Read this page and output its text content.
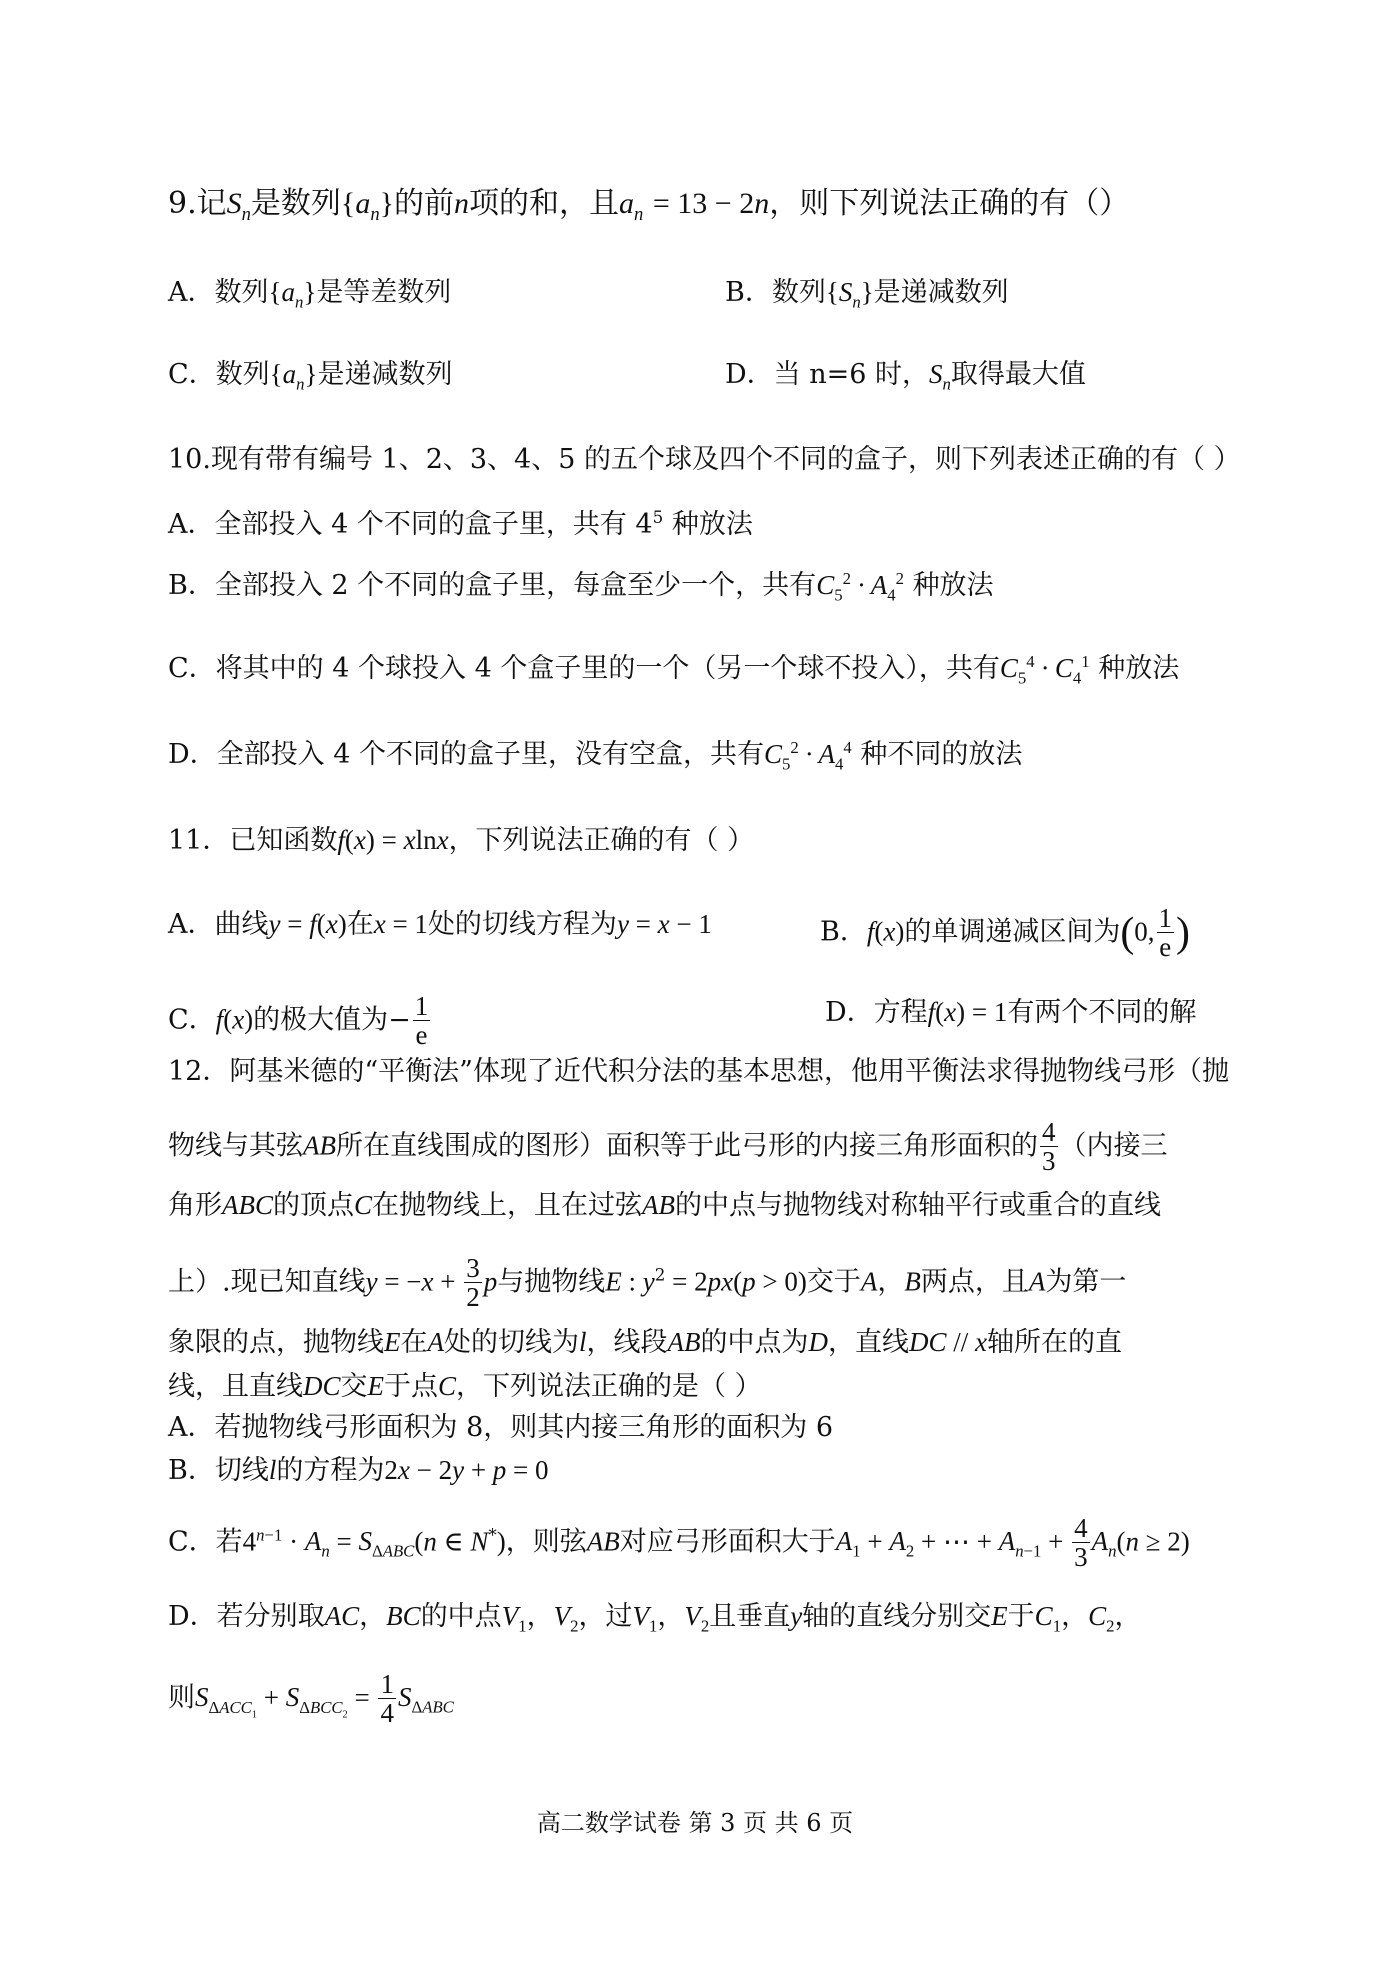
9.记$S_n$是数列$\{a_n\}$的前n项的和，且$a_n = 13 - 2n$，则下列说法正确的有（）
A．数列$\{a_n\}$是等差数列	B．数列$\{S_n\}$是递减数列
C．数列$\{a_n\}$是递减数列	D．当 n=6 时，$S_n$取得最大值
10.现有带有编号 1、2、3、4、5 的五个球及四个不同的盒子，则下列表述正确的有（ ）
A．全部投入 4 个不同的盒子里，共有 $4^5$ 种放法
B．全部投入 2 个不同的盒子里，每盒至少一个，共有$C_5^2 \cdot A_4^2$ 种放法
C．将其中的 4 个球投入 4 个盒子里的一个（另一个球不投入），共有$C_5^4 \cdot C_4^1$ 种放法
D．全部投入 4 个不同的盒子里，没有空盒，共有$C_5^2 \cdot A_4^4$ 种不同的放法
11．已知函数f(x) = xlnx，下列说法正确的有（ ）
A．曲线y = f(x)在x = 1处的切线方程为y = x − 1	B．f(x)的单调递减区间为(0, $\frac{1}{e}$ )
C．f(x)的极大值为− $\frac{1}{e}$	D．方程f(x) = 1有两个不同的解
12．阿基米德的“平衡法”体现了近代积分法的基本思想，他用平衡法求得抛物线弓形（抛
物线与其弦AB所在直线围成的图形）面积等于此弓形的内接三角形面积的 $\frac{4}{3}$ （内接三
角形ABC的顶点C在抛物线上，且在过弦AB的中点与抛物线对称轴平行或重合的直线
上）.现已知直线$y = -x + \frac{3}{2}$ p与抛物线E : $y^2 = 2px(p > 0)$交于A，B两点，且A为第一
象限的点，抛物线E在A处的切线为l，线段AB的中点为D，直线DC // x轴所在的直
线，且直线DC交E于点C，下列说法正确的是（ ）
A．若抛物线弓形面积为 8，则其内接三角形的面积为 6
B．切线l的方程为2x − 2y + p = 0
C．若$4^{n-1} \cdot A_n = S_{\Delta ABC}(n$ ∈ N*)，则弦AB对应弓形面积大于$A_1 + A_2$ + ⋯ + $A_{n-1} + \frac{4}{3} A_n(n \ge 2)$
D．若分别取AC，BC的中点$V_1$，$V_2$，过$V_1$，$V_2$且垂直y轴的直线分别交E于$C_1$，$C_2$，
则$S_{\Delta ACC_1} + S_{\Delta BCC_2} = \frac{1}{4} S_{\Delta ABC}$
高二数学试卷 第 3 页 共 6 页
